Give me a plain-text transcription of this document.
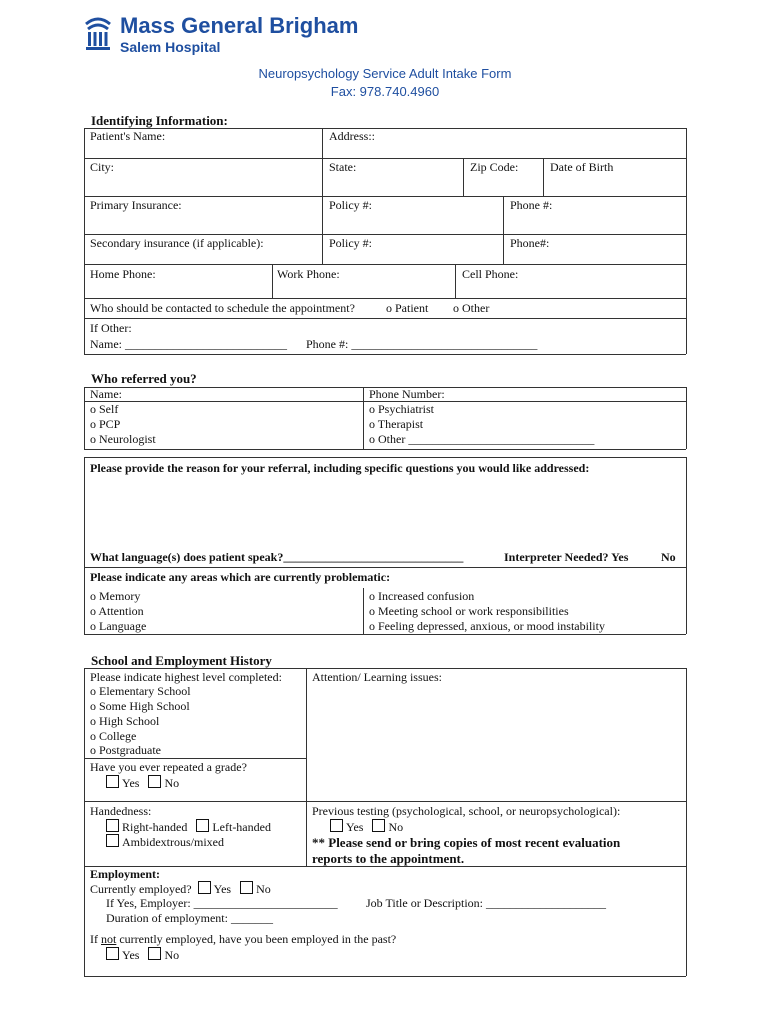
Mass General Brigham
Salem Hospital
Neuropsychology Service Adult Intake Form
Fax: 978.740.4960
Identifying Information:
Patient's Name:	Address::
City:	State:	Zip Code:	Date of Birth
Primary Insurance:	Policy #:	Phone #:
Secondary insurance (if applicable):	Policy #:	Phone#:
Home Phone:	Work Phone:	Cell Phone:
Who should be contacted to schedule the appointment?	o Patient o Other
If Other:
Name: ___________________________ Phone #: _______________________________
Who referred you?
Name:	Phone Number:
o Self
o PCP
o Neurologist
o Psychiatrist
o Therapist
o Other _______________________________
Please provide the reason for your referral, including specific questions you would like addressed:
What language(s) does patient speak?______________________________	Interpreter Needed? Yes	No
Please indicate any areas which are currently problematic:
o Memory
o Attention
o Language
o Increased confusion
o Meeting school or work responsibilities
o Feeling depressed, anxious, or mood instability
School and Employment History
Please indicate highest level completed:
o Elementary School
o Some High School
o High School
o College
o Postgraduate
Attention/ Learning issues:
Have you ever repeated a grade?
Yes No
Handedness:
Right-handed Left-handed
Ambidextrous/mixed
Previous testing (psychological, school, or neuropsychological):
Yes No
** Please send or bring copies of most recent evaluation
reports to the appointment.
Employment:
Currently employed? Yes No
If Yes, Employer: ________________________ Job Title or Description: ____________________
Duration of employment: _______
If not currently employed, have you been employed in the past?
Yes No
